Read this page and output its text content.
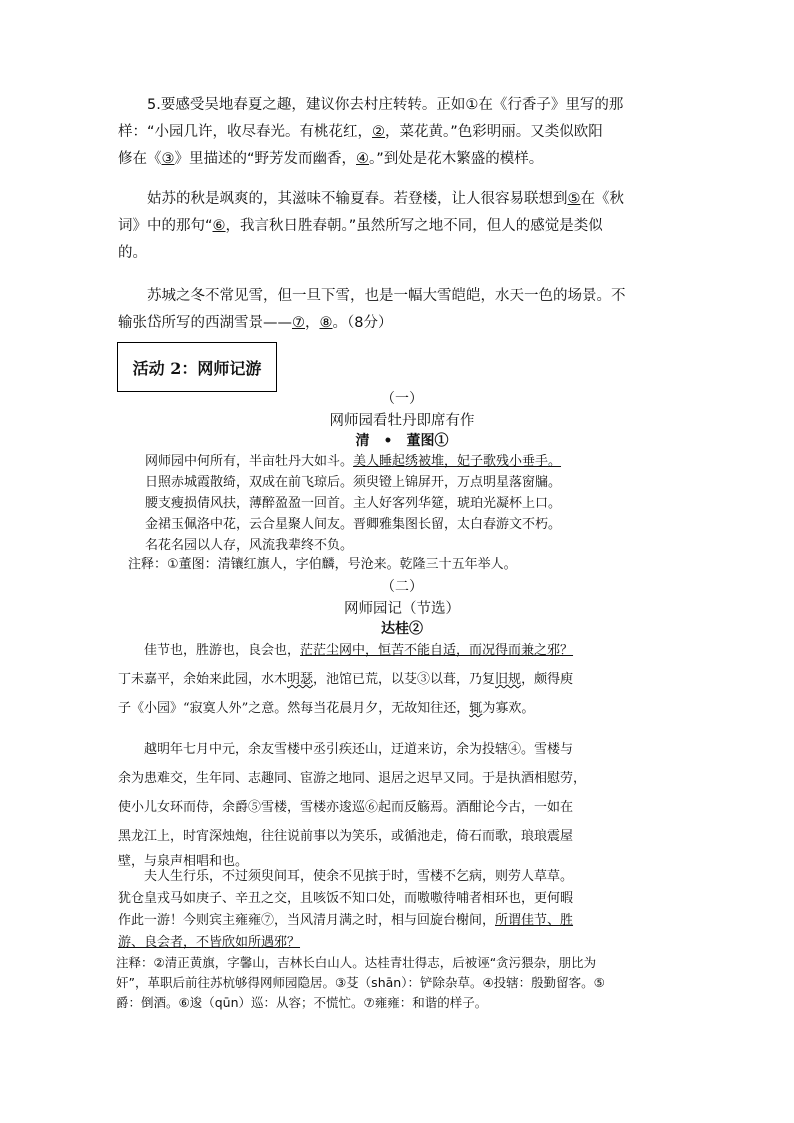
　　5.要感受吴地春夏之趣，建议你去村庄转转。正如①在《行香子》里写的那
样：“小园几许，收尽春光。有桃花红，②，菜花黄。”色彩明丽。又类似欧阳
修在《③》里描述的“野芳发而幽香，④。”到处是花木繁盛的模样。
　　姑苏的秋是飒爽的，其滋味不输夏春。若登楼，让人很容易联想到⑤在《秋
词》中的那句“⑥，我言秋日胜春朝。”虽然所写之地不同，但人的感觉是类似
的。
　　苏城之冬不常见雪，但一旦下雪，也是一幅大雪皑皑，水天一色的场景。不
输张岱所写的西湖雪景——⑦，⑧。（8分）
活动 2：网师记游
（一）
网师园看牡丹即席有作
清　•　董图①
网师园中何所有，半亩牡丹大如斗。美人睡起绣被堆，妃子歌残小垂手。
日照赤城霞散绮，双成在前飞琼后。须臾镫上锦屏开，万点明星落窗牖。
腰支瘦损倩风扶，薄醉盈盈一回首。主人好客列华筵，琥珀光凝杯上口。
金裙玉佩洛中花，云合星聚人间友。晋卿雅集图长留，太白春游文不朽。
名花名园以人存，风流我辈终不负。
注释：①董图：清镶红旗人，字伯麟，号沧来。乾隆三十五年举人。
（二）
网师园记（节选）
达桂②
佳节也，胜游也，良会也，茫茫尘网中，恒苦不能自适，而况得而兼之邪？
丁未嘉平，余始来此园，水木明瑟，池馆已荒，以芟③以葺，乃复旧规，颇得庾
子《小园》“寂寞人外”之意。然每当花晨月夕，无故知往还，辄为寡欢。
越明年七月中元，余友雪楼中丞引疾还山，迂道来访，余为投辖④。雪楼与
余为患难交，生年同、志趣同、宦游之地同、退居之迟早又同。于是执酒相慰劳，
使小儿女环而侍，余爵⑤雪楼，雪楼亦逡巡⑥起而反觞焉。酒酣论今古，一如在
黑龙江上，时宵深烛炮，往往说前事以为笑乐，或循池走，倚石而歌，琅琅震屋
壁，与泉声相唱和也。
夫人生行乐，不过须臾间耳，使余不见摈于时，雪楼不乞病，则劳人草草。
犹仓皇戎马如庚子、辛丑之交，且咳饭不知口处，而嗷嗷待哺者相环也，更何暇
作此一游！今则宾主雍雍⑦，当风清月满之时，相与回旋台榭间，所谓佳节、胜
游、良会者，不皆欣如所遇邪？
注释：②清正黄旗，字馨山，吉林长白山人。达桂青壮得志，后被诬“贪污猥杂，朋比为
奸”，革职后前往苏杭够得网师园隐居。③芟（shān）：铲除杂草。④投辖：殷勤留客。⑤
爵：倒酒。⑥逡（qūn）巡：从容；不慌忙。⑦雍雍：和谐的样子。
